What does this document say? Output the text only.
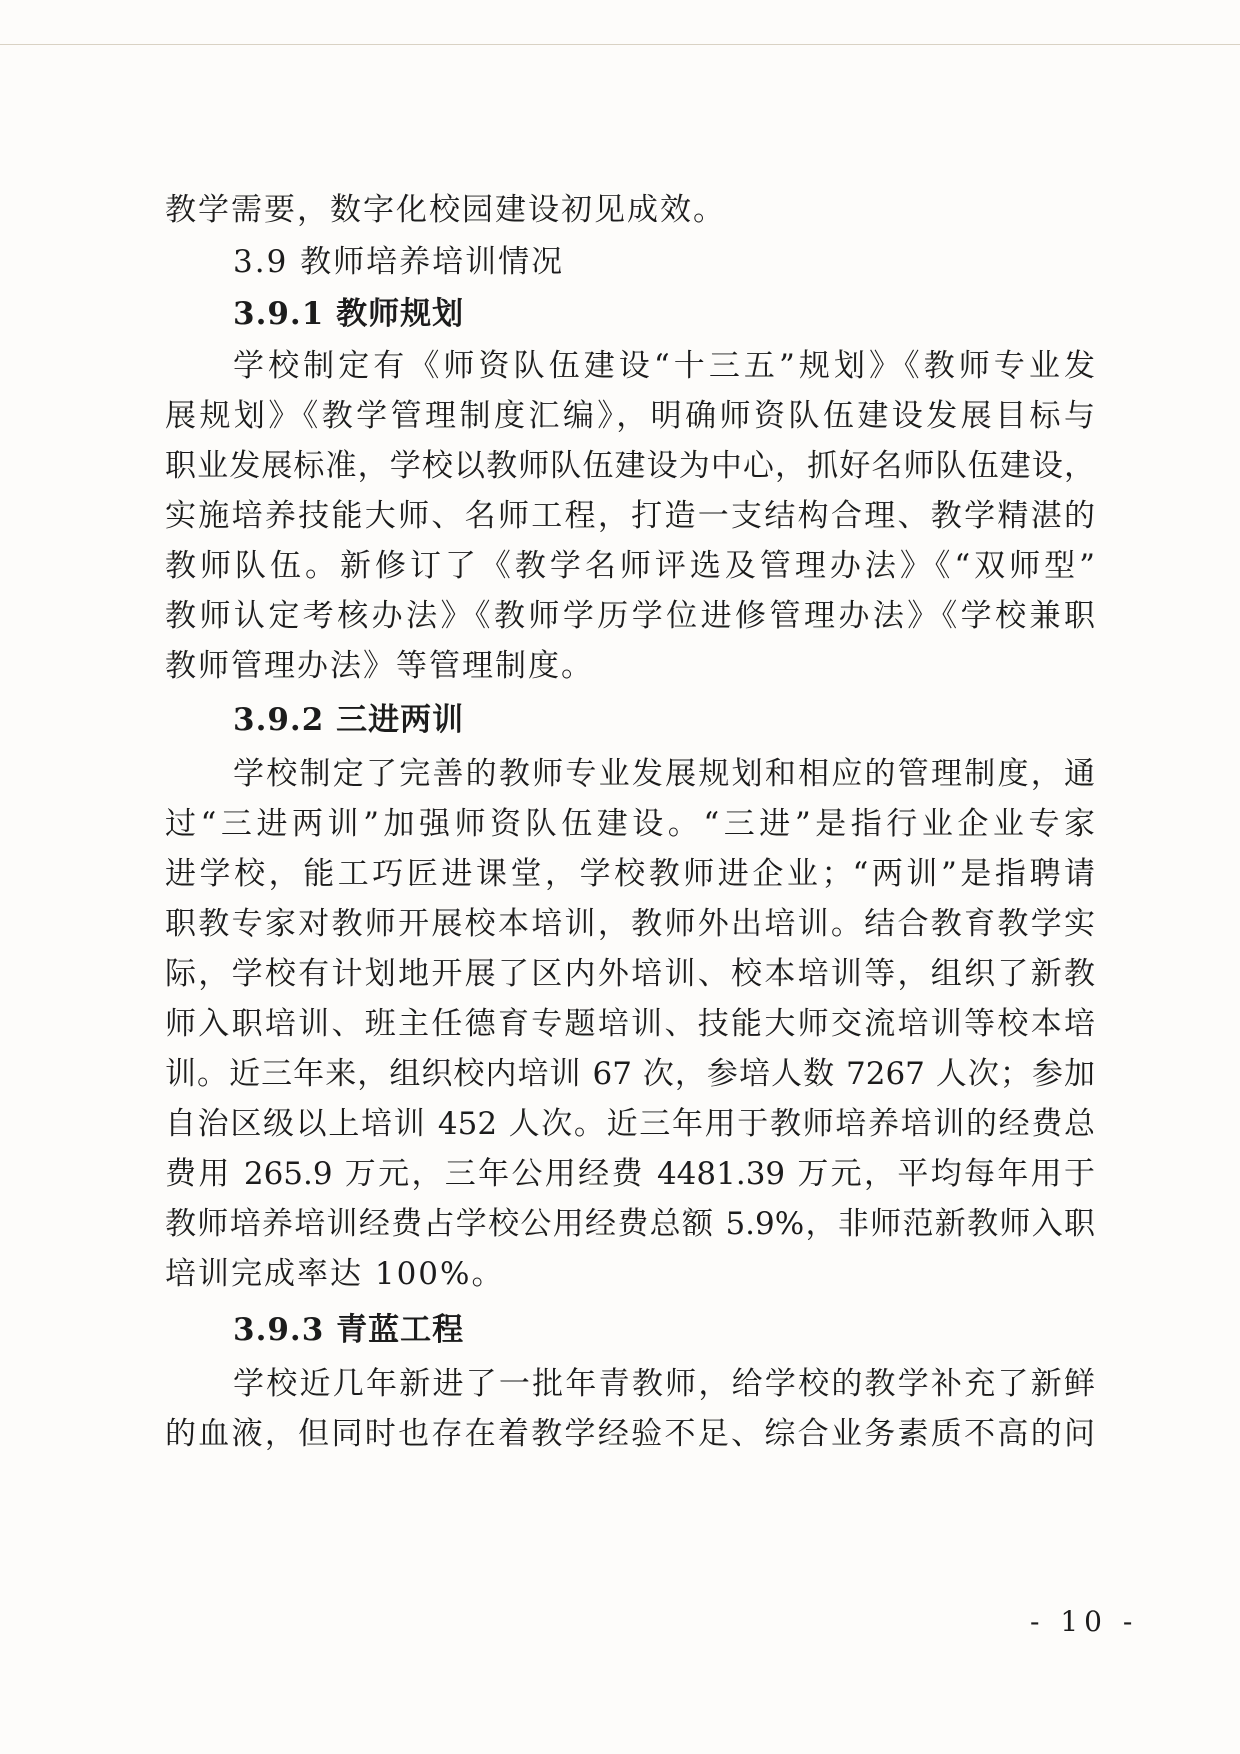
教学需要，数字化校园建设初见成效。
3.9 教师培养培训情况
3.9.1 教师规划
学校制定有《师资队伍建设“十三五”规划》《教师专业发
展规划》《教学管理制度汇编》，明确师资队伍建设发展目标与
职业发展标准，学校以教师队伍建设为中心，抓好名师队伍建设，
实施培养技能大师、名师工程，打造一支结构合理、教学精湛的
教师队伍。新修订了《教学名师评选及管理办法》《“双师型”
教师认定考核办法》《教师学历学位进修管理办法》《学校兼职
教师管理办法》等管理制度。
3.9.2 三进两训
学校制定了完善的教师专业发展规划和相应的管理制度，通
过“三进两训”加强师资队伍建设。“三进”是指行业企业专家
进学校，能工巧匠进课堂，学校教师进企业；“两训”是指聘请
职教专家对教师开展校本培训，教师外出培训。结合教育教学实
际，学校有计划地开展了区内外培训、校本培训等，组织了新教
师入职培训、班主任德育专题培训、技能大师交流培训等校本培
训。近三年来，组织校内培训 67 次，参培人数 7267 人次；参加
自治区级以上培训 452 人次。近三年用于教师培养培训的经费总
费用 265.9 万元，三年公用经费 4481.39 万元，平均每年用于
教师培养培训经费占学校公用经费总额 5.9%，非师范新教师入职
培训完成率达 100%。
3.9.3 青蓝工程
学校近几年新进了一批年青教师，给学校的教学补充了新鲜
的血液，但同时也存在着教学经验不足、综合业务素质不高的问
- 10 -
